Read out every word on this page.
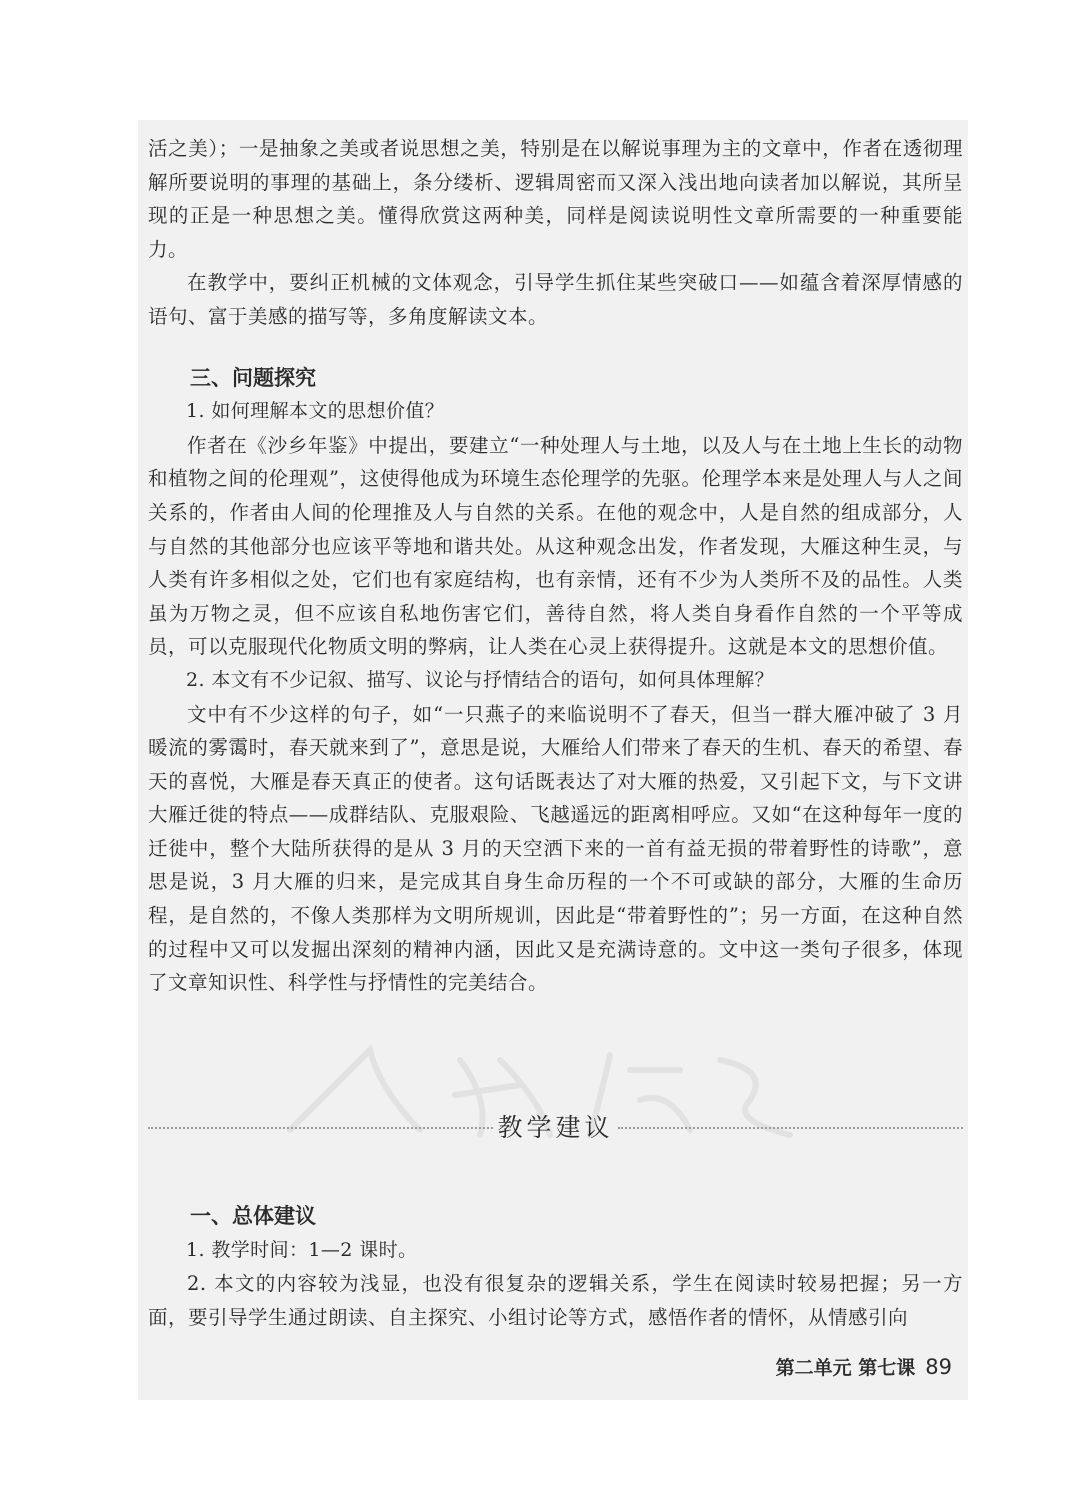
活之美）；一是抽象之美或者说思想之美，特别是在以解说事理为主的文章中，作者在透彻理解所要说明的事理的基础上，条分缕析、逻辑周密而又深入浅出地向读者加以解说，其所呈现的正是一种思想之美。懂得欣赏这两种美，同样是阅读说明性文章所需要的一种重要能力。

在教学中，要纠正机械的文体观念，引导学生抓住某些突破口——如蕴含着深厚情感的语句、富于美感的描写等，多角度解读文本。

三、问题探究

1. 如何理解本文的思想价值？

作者在《沙乡年鉴》中提出，要建立“一种处理人与土地，以及人与在土地上生长的动物和植物之间的伦理观”，这使得他成为环境生态伦理学的先驱。伦理学本来是处理人与人之间关系的，作者由人间的伦理推及人与自然的关系。在他的观念中，人是自然的组成部分，人与自然的其他部分也应该平等地和谐共处。从这种观念出发，作者发现，大雁这种生灵，与人类有许多相似之处，它们也有家庭结构，也有亲情，还有不少为人类所不及的品性。人类虽为万物之灵，但不应该自私地伤害它们，善待自然，将人类自身看作自然的一个平等成员，可以克服现代化物质文明的弊病，让人类在心灵上获得提升。这就是本文的思想价值。

2. 本文有不少记叙、描写、议论与抒情结合的语句，如何具体理解？

文中有不少这样的句子，如“一只燕子的来临说明不了春天，但当一群大雁冲破了 3 月暖流的雾霭时，春天就来到了”，意思是说，大雁给人们带来了春天的生机、春天的希望、春天的喜悦，大雁是春天真正的使者。这句话既表达了对大雁的热爱，又引起下文，与下文讲大雁迁徙的特点——成群结队、克服艰险、飞越遥远的距离相呼应。又如“在这种每年一度的迁徙中，整个大陆所获得的是从 3 月的天空洒下来的一首有益无损的带着野性的诗歌”，意思是说，3 月大雁的归来，是完成其自身生命历程的一个不可或缺的部分，大雁的生命历程，是自然的，不像人类那样为文明所规训，因此是“带着野性的”；另一方面，在这种自然的过程中又可以发掘出深刻的精神内涵，因此又是充满诗意的。文中这一类句子很多，体现了文章知识性、科学性与抒情性的完美结合。

教学建议
一、总体建议

1. 教学时间：1—2 课时。

2. 本文的内容较为浅显，也没有很复杂的逻辑关系，学生在阅读时较易把握；另一方面，要引导学生通过朗读、自主探究、小组讨论等方式，感悟作者的情怀，从情感引向

第二单元 第七课 89
